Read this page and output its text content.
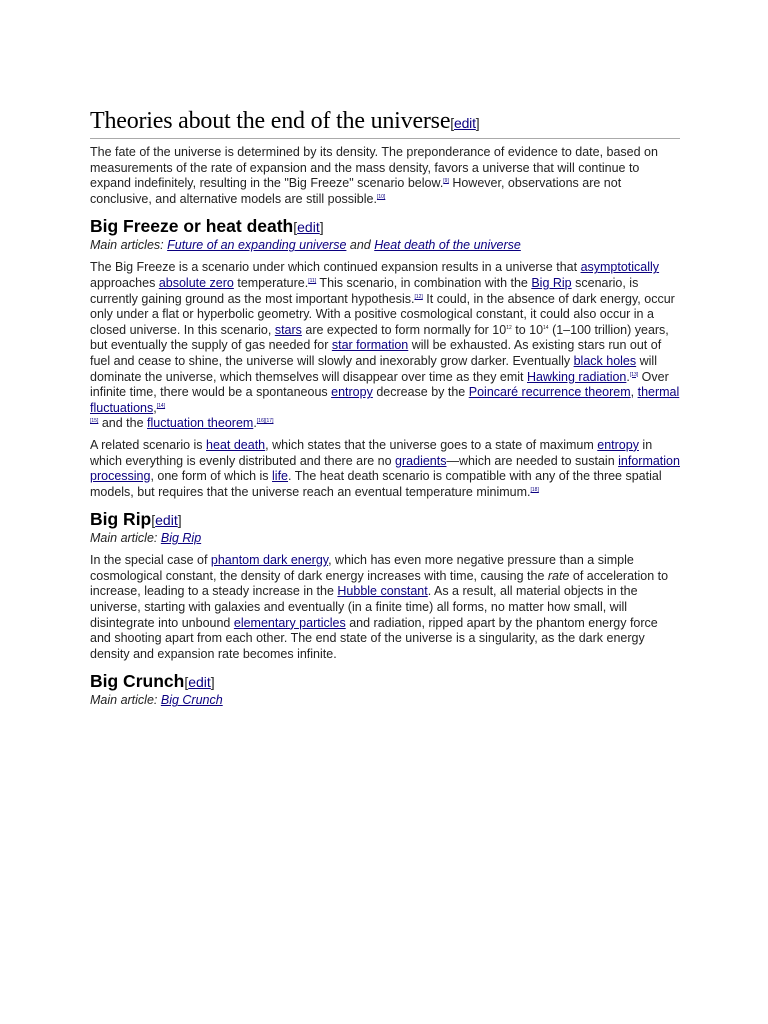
Theories about the end of the universe[edit]

The fate of the universe is determined by its density. The preponderance of evidence to date, based on measurements of the rate of expansion and the mass density, favors a universe that will continue to expand indefinitely, resulting in the "Big Freeze" scenario below.[9] However, observations are not conclusive, and alternative models are still possible.[10]

Big Freeze or heat death[edit]
Main articles: Future of an expanding universe and Heat death of the universe

The Big Freeze is a scenario under which continued expansion results in a universe that asymptotically approaches absolute zero temperature.[11] This scenario, in combination with the Big Rip scenario, is currently gaining ground as the most important hypothesis.[12] It could, in the absence of dark energy, occur only under a flat or hyperbolic geometry. With a positive cosmological constant, it could also occur in a closed universe. In this scenario, stars are expected to form normally for $10^{12}$ to $10^{14}$ (1–100 trillion) years, but eventually the supply of gas needed for star formation will be exhausted. As existing stars run out of fuel and cease to shine, the universe will slowly and inexorably grow darker. Eventually black holes will dominate the universe, which themselves will disappear over time as they emit Hawking radiation.[13] Over infinite time, there would be a spontaneous entropy decrease by the Poincaré recurrence theorem, thermal fluctuations,[14]
[15] and the fluctuation theorem.[16][17]

A related scenario is heat death, which states that the universe goes to a state of maximum entropy in which everything is evenly distributed and there are no gradients—which are needed to sustain information processing, one form of which is life. The heat death scenario is compatible with any of the three spatial models, but requires that the universe reach an eventual temperature minimum.[18]

Big Rip[edit]
Main article: Big Rip

In the special case of phantom dark energy, which has even more negative pressure than a simple cosmological constant, the density of dark energy increases with time, causing the rate of acceleration to increase, leading to a steady increase in the Hubble constant. As a result, all material objects in the universe, starting with galaxies and eventually (in a finite time) all forms, no matter how small, will disintegrate into unbound elementary particles and radiation, ripped apart by the phantom energy force and shooting apart from each other. The end state of the universe is a singularity, as the dark energy density and expansion rate becomes infinite.

Big Crunch[edit]
Main article: Big Crunch
